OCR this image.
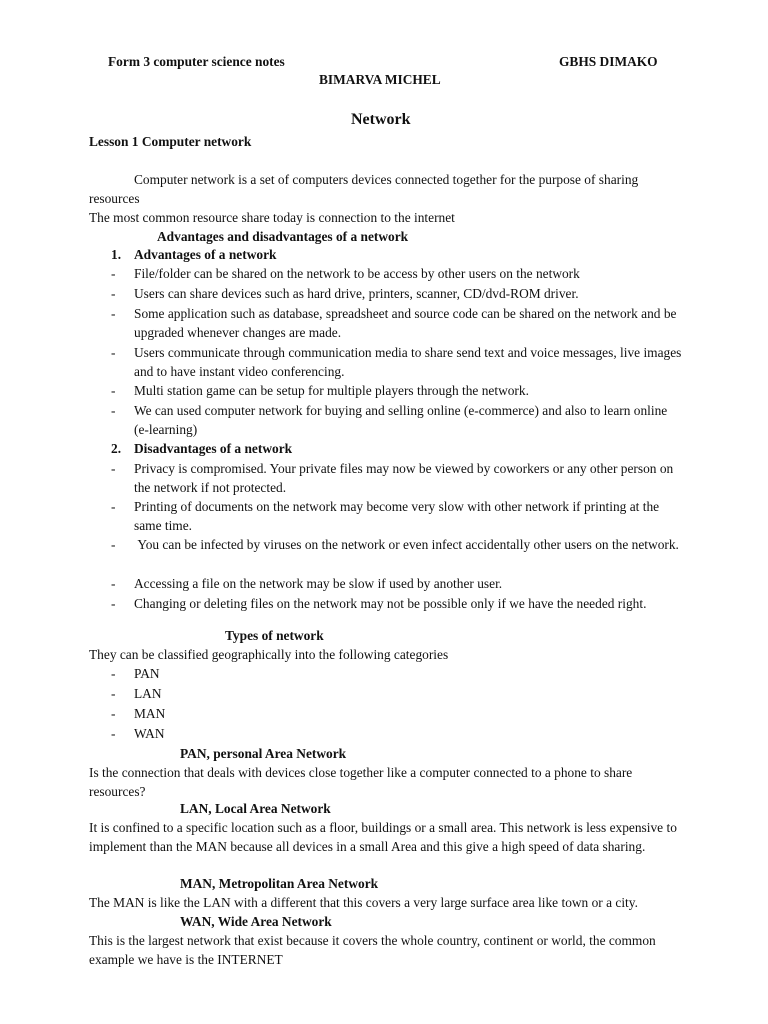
Form 3 computer science notes	GBHS DIMAKO
BIMARVA MICHEL
Network
Lesson 1 Computer network
Computer network is a set of computers devices connected together for the purpose of sharing resources
The most common resource share today is connection to the internet
Advantages and disadvantages of a network
1. Advantages of a network
- File/folder can be shared on the network to be access by other users on the network
- Users can share devices such as hard drive, printers, scanner, CD/dvd-ROM driver.
- Some application such as database, spreadsheet and source code can be shared on the network and be upgraded whenever changes are made.
- Users communicate through communication media to share send text and voice messages, live images and to have instant video conferencing.
- Multi station game can be setup for multiple players through the network.
- We can used computer network for buying and selling online (e-commerce) and also to learn online (e-learning)
2. Disadvantages of a network
- Privacy is compromised. Your private files may now be viewed by coworkers or any other person on the network if not protected.
- Printing of documents on the network may become very slow with other network if printing at the same time.
- You can be infected by viruses on the network or even infect accidentally other users on the network.
- Accessing a file on the network may be slow if used by another user.
- Changing or deleting files on the network may not be possible only if we have the needed right.
Types of network
They can be classified geographically into the following categories
- PAN
- LAN
- MAN
- WAN
PAN, personal Area Network
Is the connection that deals with devices close together like a computer connected to a phone to share resources?
LAN, Local Area Network
It is confined to a specific location such as a floor, buildings or a small area. This network is less expensive to implement than the MAN because all devices in a small Area and this give a high speed of data sharing.
MAN, Metropolitan Area Network
The MAN is like the LAN with a different that this covers a very large surface area like town or a city.
WAN, Wide Area Network
This is the largest network that exist because it covers the whole country, continent or world, the common example we have is the INTERNET
